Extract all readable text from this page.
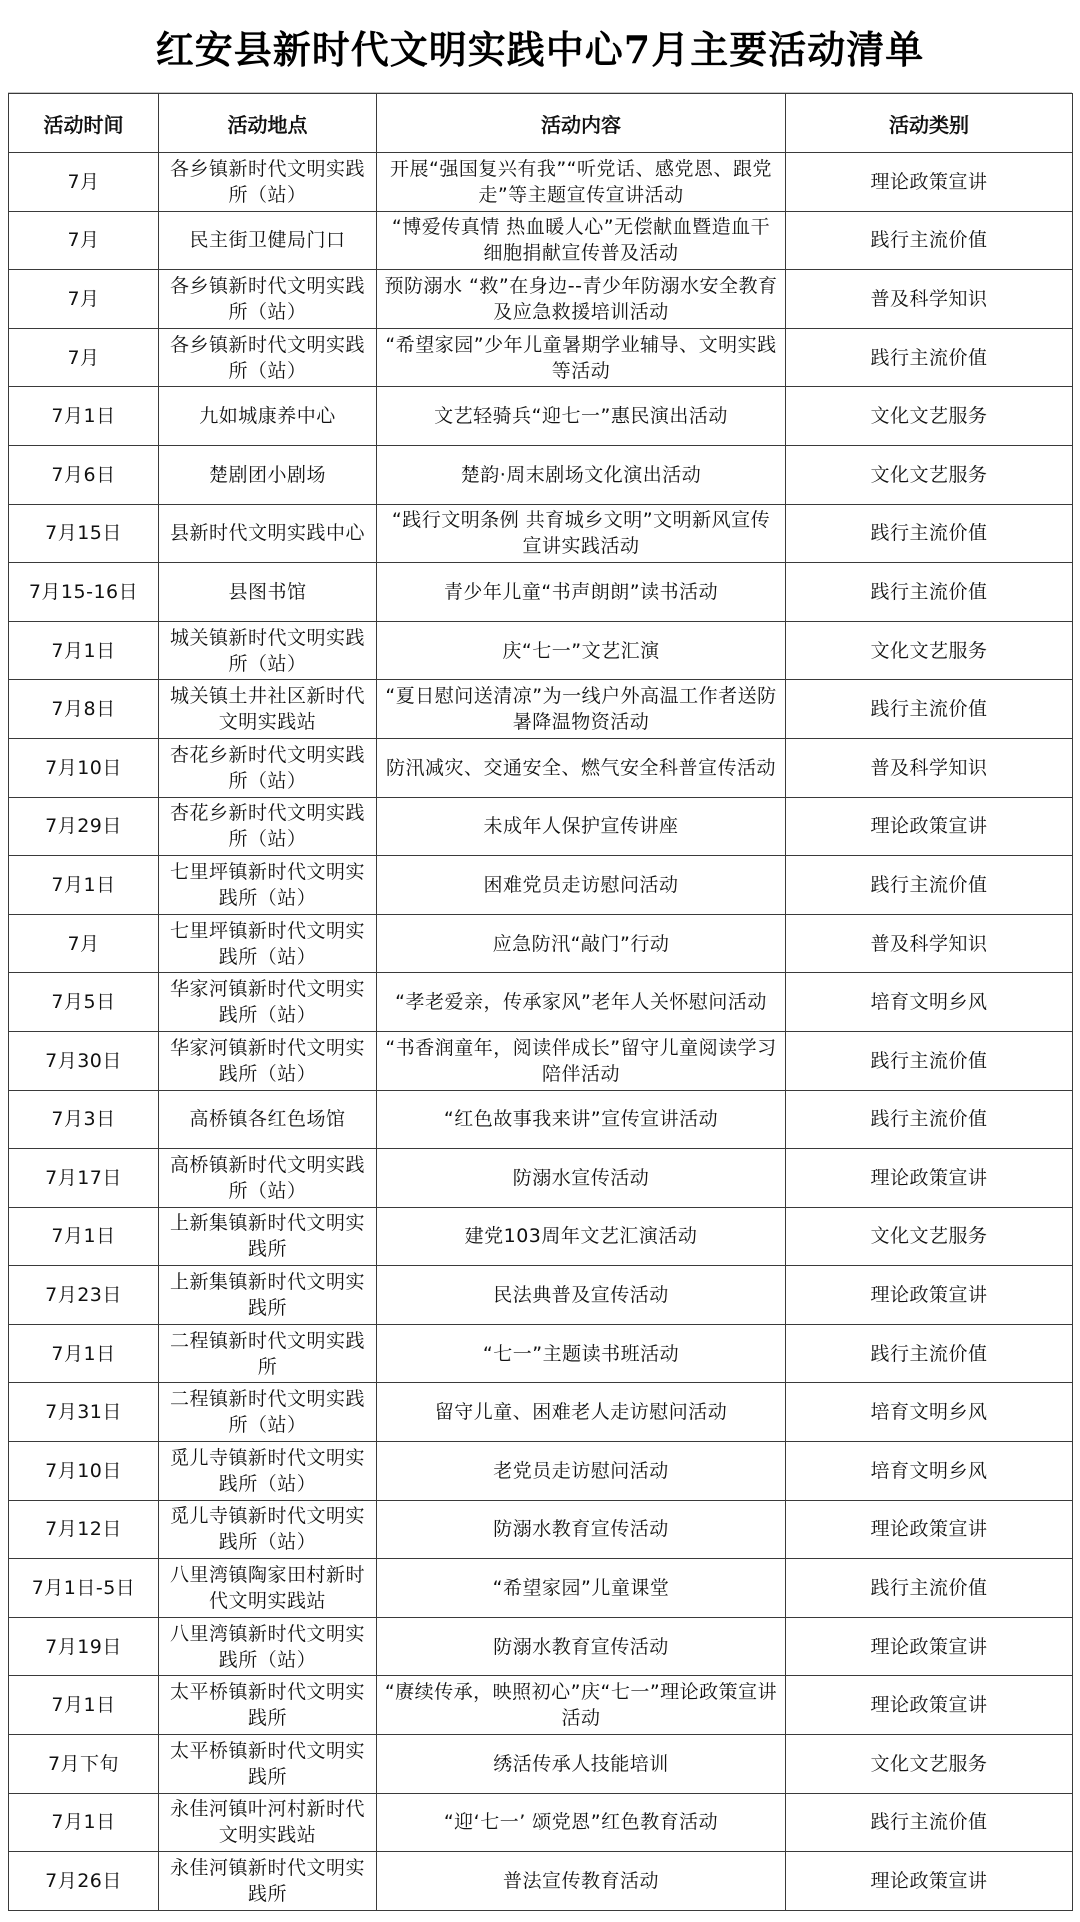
红安县新时代文明实践中心7月主要活动清单
活动时间	活动地点	活动内容	活动类别
7月	各乡镇新时代文明实践所（站）	开展“强国复兴有我”“听党话、感党恩、跟党走”等主题宣传宣讲活动	理论政策宣讲
7月	民主街卫健局门口	“博爱传真情 热血暖人心”无偿献血暨造血干细胞捐献宣传普及活动	践行主流价值
7月	各乡镇新时代文明实践所（站）	预防溺水 “救”在身边--青少年防溺水安全教育及应急救援培训活动	普及科学知识
7月	各乡镇新时代文明实践所（站）	“希望家园”少年儿童暑期学业辅导、文明实践等活动	践行主流价值
7月1日	九如城康养中心	文艺轻骑兵“迎七一”惠民演出活动	文化文艺服务
7月6日	楚剧团小剧场	楚韵·周末剧场文化演出活动	文化文艺服务
7月15日	县新时代文明实践中心	“践行文明条例 共育城乡文明”文明新风宣传宣讲实践活动	践行主流价值
7月15-16日	县图书馆	青少年儿童“书声朗朗”读书活动	践行主流价值
7月1日	城关镇新时代文明实践所（站）	庆“七一”文艺汇演	文化文艺服务
7月8日	城关镇土井社区新时代文明实践站	“夏日慰问送清凉”为一线户外高温工作者送防暑降温物资活动	践行主流价值
7月10日	杏花乡新时代文明实践所（站）	防汛减灾、交通安全、燃气安全科普宣传活动	普及科学知识
7月29日	杏花乡新时代文明实践所（站）	未成年人保护宣传讲座	理论政策宣讲
7月1日	七里坪镇新时代文明实践所（站）	困难党员走访慰问活动	践行主流价值
7月	七里坪镇新时代文明实践所（站）	应急防汛“敲门”行动	普及科学知识
7月5日	华家河镇新时代文明实践所（站）	“孝老爱亲，传承家风”老年人关怀慰问活动	培育文明乡风
7月30日	华家河镇新时代文明实践所（站）	“书香润童年，阅读伴成长”留守儿童阅读学习陪伴活动	践行主流价值
7月3日	高桥镇各红色场馆	“红色故事我来讲”宣传宣讲活动	践行主流价值
7月17日	高桥镇新时代文明实践所（站）	防溺水宣传活动	理论政策宣讲
7月1日	上新集镇新时代文明实践所	建党103周年文艺汇演活动	文化文艺服务
7月23日	上新集镇新时代文明实践所	民法典普及宣传活动	理论政策宣讲
7月1日	二程镇新时代文明实践所	“七一”主题读书班活动	践行主流价值
7月31日	二程镇新时代文明实践所（站）	留守儿童、困难老人走访慰问活动	培育文明乡风
7月10日	觅儿寺镇新时代文明实践所（站）	老党员走访慰问活动	培育文明乡风
7月12日	觅儿寺镇新时代文明实践所（站）	防溺水教育宣传活动	理论政策宣讲
7月1日-5日	八里湾镇陶家田村新时代文明实践站	“希望家园”儿童课堂	践行主流价值
7月19日	八里湾镇新时代文明实践所（站）	防溺水教育宣传活动	理论政策宣讲
7月1日	太平桥镇新时代文明实践所	“赓续传承，映照初心”庆“七一”理论政策宣讲活动	理论政策宣讲
7月下旬	太平桥镇新时代文明实践所	绣活传承人技能培训	文化文艺服务
7月1日	永佳河镇叶河村新时代文明实践站	“迎‘七一’ 颂党恩”红色教育活动	践行主流价值
7月26日	永佳河镇新时代文明实践所	普法宣传教育活动	理论政策宣讲
